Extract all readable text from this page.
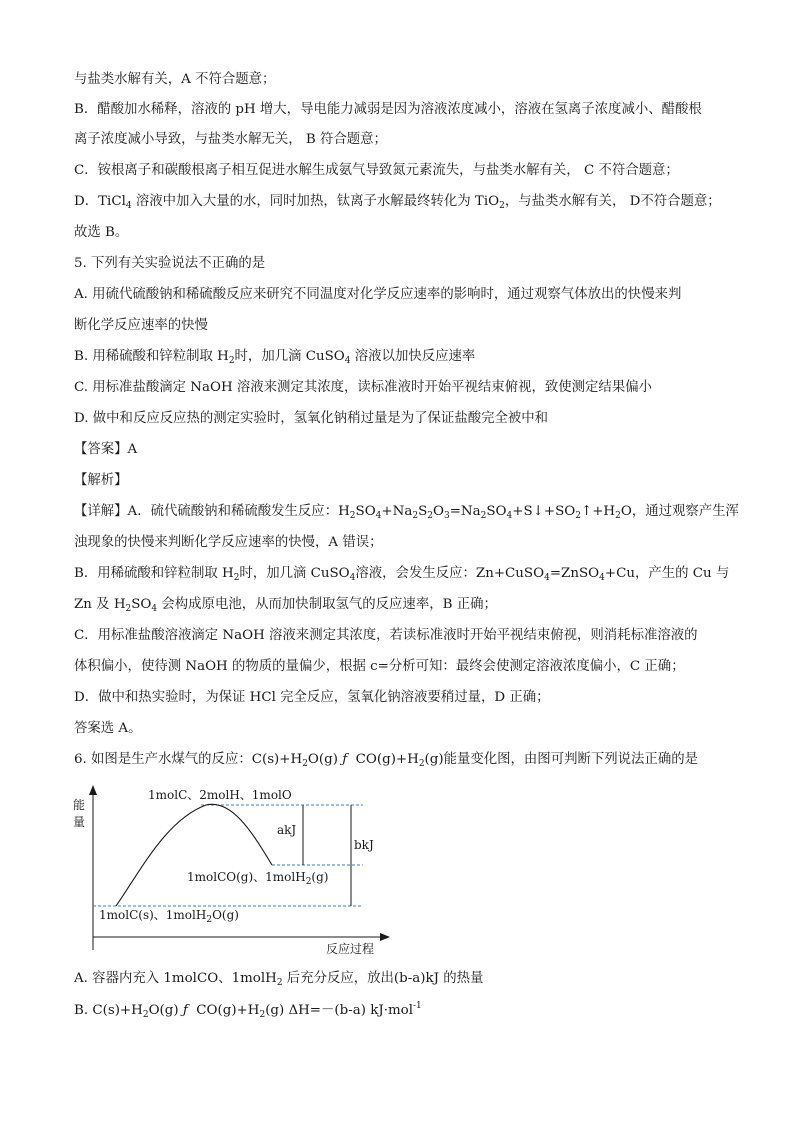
与盐类水解有关，A 不符合题意；
B．醋酸加水稀释，溶液的 pH 增大，导电能力减弱是因为溶液浓度减小，溶液在氢离子浓度减小、醋酸根
离子浓度减小导致，与盐类水解无关， B 符合题意；
C．铵根离子和碳酸根离子相互促进水解生成氨气导致氮元素流失，与盐类水解有关， C 不符合题意；
D．TiCl$_4$ 溶液中加入大量的水，同时加热，钛离子水解最终转化为 TiO$_2$，与盐类水解有关， D不符合题意；
故选 B。
5. 下列有关实验说法不正确的是
A. 用硫代硫酸钠和稀硫酸反应来研究不同温度对化学反应速率的影响时，通过观察气体放出的快慢来判
断化学反应速率的快慢
B. 用稀硫酸和锌粒制取 $H_2$时，加几滴 CuSO$_4$ 溶液以加快反应速率
C. 用标准盐酸滴定 NaOH 溶液来测定其浓度，读标准液时开始平视结束俯视，致使测定结果偏小
D. 做中和反应反应热的测定实验时，氢氧化钠稍过量是为了保证盐酸完全被中和
【答案】A
【解析】
【详解】A．硫代硫酸钠和稀硫酸发生反应：$H_2SO_4+Na_2S_2O_3=Na_2SO_4+S↓+SO_2↑+H_2O$，通过观察产生浑
浊现象的快慢来判断化学反应速率的快慢，A 错误；
B．用稀硫酸和锌粒制取 $H_2$时，加几滴 CuSO$_4$溶液，会发生反应：Zn+CuSO$_4$=ZnSO$_4$+Cu，产生的 Cu 与
Zn 及 $H_2SO_4$ 会构成原电池，从而加快制取氢气的反应速率，B 正确；
C．用标准盐酸溶液滴定 NaOH 溶液来测定其浓度，若读标准液时开始平视结束俯视，则消耗标准溶液的
体积偏小，使待测 NaOH 的物质的量偏少，根据 c=分析可知：最终会使测定溶液浓度偏小，C 正确；
D．做中和热实验时，为保证 HCl 完全反应，氢氧化钠溶液要稍过量，D 正确；
答案选 A。
6. 如图是生产水煤气的反应：$C(s)+H_2O(g)$ ƒ  $CO(g)+H_2(g)$能量变化图，由图可判断下列说法正确的是
A. 容器内充入 1molCO、1molH$_2$ 后充分反应，放出(b-a)kJ 的热量
B. $C(s)+H_2O(g)$ ƒ  $CO(g)+H_2(g)$ ΔH=－(b-a) kJ·mol$^{-1}$
能
量
1molC、2molH、1molO
akJ
bkJ
1molCO(g)、1molH$_2$(g)
1molC(s)、1molH$_2$O(g)
反应过程
